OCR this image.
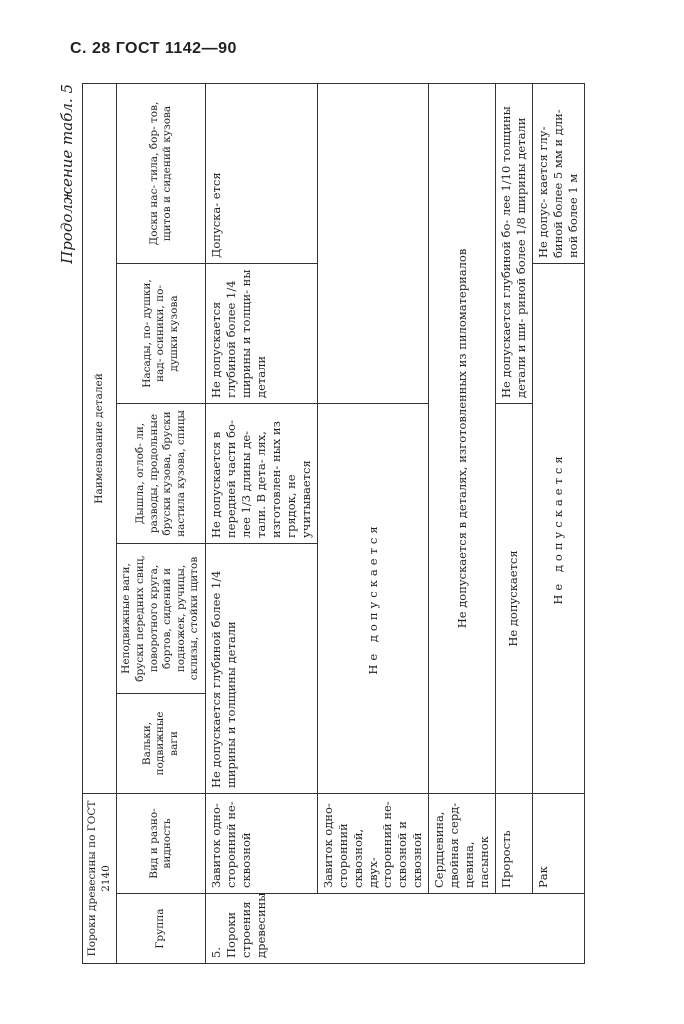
С. 28 ГОСТ 1142—90
Продолжение табл. 5
Пороки древесины по ГОСТ 2140		Наименование деталей				
Группа	Вид и разно- видность	Вальки, подвижные ваги	Неподвижные ваги, бруски передних свиц, поворотного круга, бортов, сидений и подножек, ручицы, склизы, стойки щитов	Дышла, оглоб- ли, разводы, продольные бруски кузова, бруски настила кузова, спицы	Насады, по- душки, над- осиники, по- душки кузова	Доски нас- тила, бор- тов, щитов и сидений кузова
5. Пороки строения древесины	Завиток одно- сторонний не- сквозной	Не допускается глубиной более 1/4 ширины и толщины детали		Не допускается в передней части бо- лее 1/3 длины де- тали. В дета- лях, изготовлен- ных из грядок, не учитывается	Не допускается глубиной более 1/4 ширины и толщи- ны детали	Допуска- ется
	Завиток одно- сторонний сквозной, двух- сторонний не- сквозной и сквозной	Не допускается				
	Сердцевина, двойная серд- цевина, пасынок	Не допускается в деталях, изготовленных из пиломатериалов				
	Прорость	Не допускается			Не допускается глубиной бо- лее 1/10 толщины детали и ши- риной более 1/8 ширины детали	
	Рак	Не допускается				Не допус- кается глу- биной более 5 мм и дли- ной более 1 м
